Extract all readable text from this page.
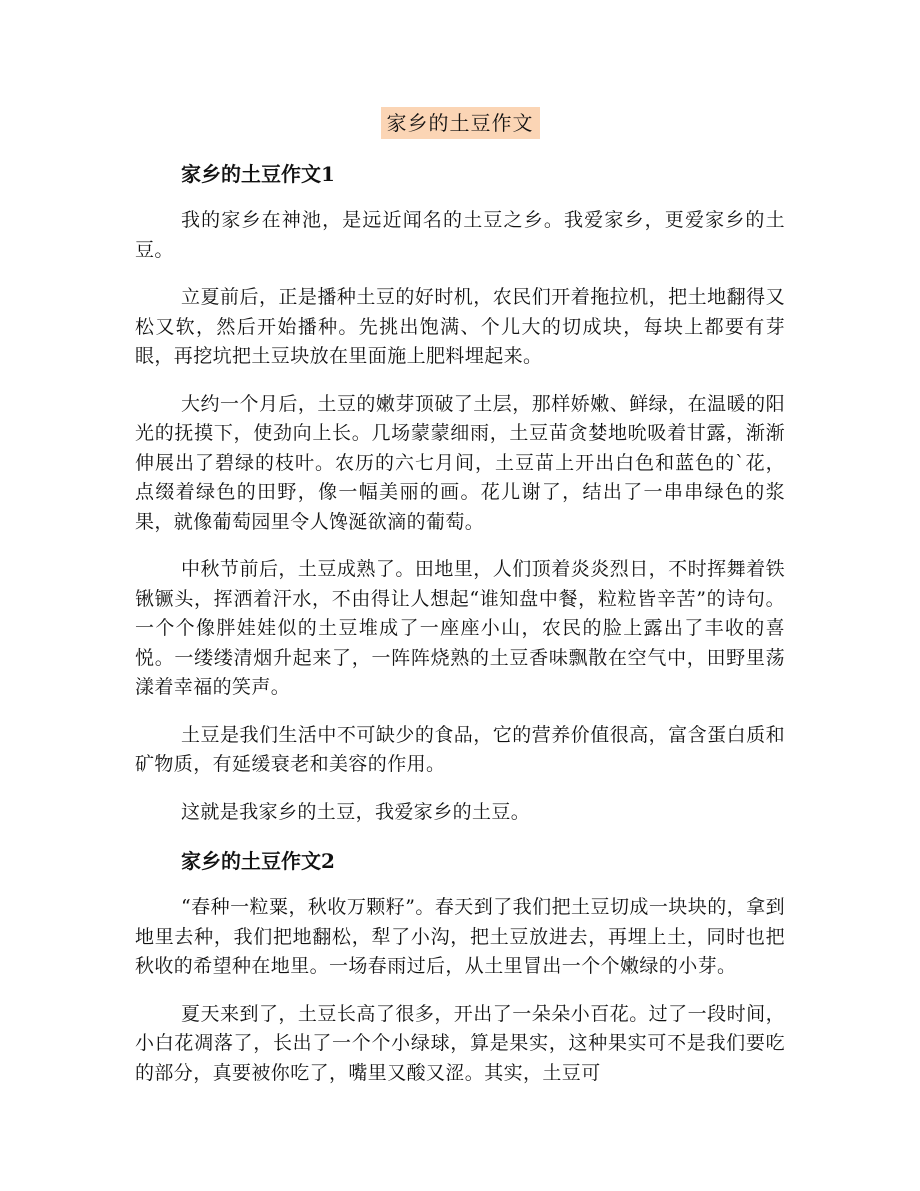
家乡的土豆作文
家乡的土豆作文1

我的家乡在神池，是远近闻名的土豆之乡。我爱家乡，更爱家乡的土豆。

立夏前后，正是播种土豆的好时机，农民们开着拖拉机，把土地翻得又松又软，然后开始播种。先挑出饱满、个儿大的切成块，每块上都要有芽眼，再挖坑把土豆块放在里面施上肥料埋起来。

大约一个月后，土豆的嫩芽顶破了土层，那样娇嫩、鲜绿，在温暖的阳光的抚摸下，使劲向上长。几场蒙蒙细雨，土豆苗贪婪地吮吸着甘露，渐渐伸展出了碧绿的枝叶。农历的六七月间，土豆苗上开出白色和蓝色的`花，点缀着绿色的田野，像一幅美丽的画。花儿谢了，结出了一串串绿色的浆果，就像葡萄园里令人馋涎欲滴的葡萄。

中秋节前后，土豆成熟了。田地里，人们顶着炎炎烈日，不时挥舞着铁锹镢头，挥洒着汗水，不由得让人想起“谁知盘中餐，粒粒皆辛苦”的诗句。一个个像胖娃娃似的土豆堆成了一座座小山，农民的脸上露出了丰收的喜悦。一缕缕清烟升起来了，一阵阵烧熟的土豆香味飘散在空气中，田野里荡漾着幸福的笑声。

土豆是我们生活中不可缺少的食品，它的营养价值很高，富含蛋白质和矿物质，有延缓衰老和美容的作用。

这就是我家乡的土豆，我爱家乡的土豆。

家乡的土豆作文2

“春种一粒粟，秋收万颗籽”。春天到了我们把土豆切成一块块的，拿到地里去种，我们把地翻松，犁了小沟，把土豆放进去，再埋上土，同时也把秋收的希望种在地里。一场春雨过后，从土里冒出一个个嫩绿的小芽。

夏天来到了，土豆长高了很多，开出了一朵朵小百花。过了一段时间，小白花凋落了，长出了一个个小绿球，算是果实，这种果实可不是我们要吃的部分，真要被你吃了，嘴里又酸又涩。其实，土豆可
